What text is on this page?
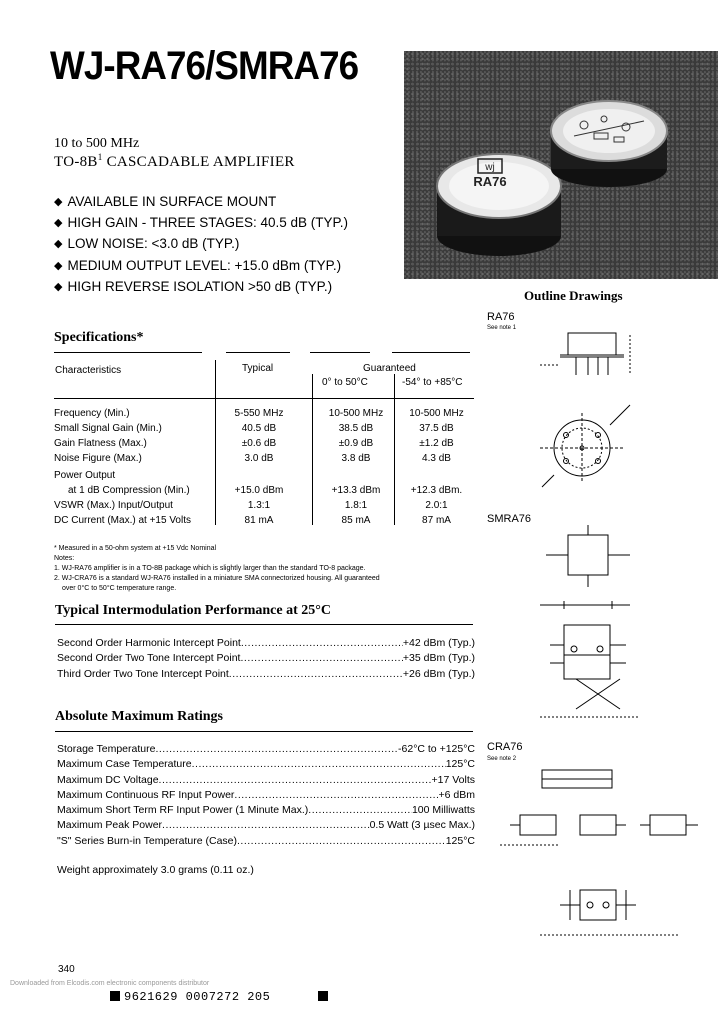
WJ-RA76/SMRA76
10 to 500 MHz
$TO-8B^1$ CASCADABLE AMPLIFIER
◆ AVAILABLE IN SURFACE MOUNT
◆ HIGH GAIN - THREE STAGES: 40.5 dB (TYP.)
◆ LOW NOISE: <3.0 dB (TYP.)
◆ MEDIUM OUTPUT LEVEL: +15.0 dBm (TYP.)
◆ HIGH REVERSE ISOLATION >50 dB (TYP.)
wj
RA76
Specifications*
Characteristics	Typical	Guaranteed
0° to 50°C	-54° to +85°C
Frequency (Min.)	5-550 MHz	10-500 MHz	10-500 MHz
Small Signal Gain (Min.)	40.5 dB	38.5 dB	37.5 dB
Gain Flatness (Max.)	±0.6 dB	±0.9 dB	±1.2 dB
Noise Figure (Max.)	3.0 dB	3.8 dB	4.3 dB
Power Output
at 1 dB Compression (Min.)	+15.0 dBm	+13.3 dBm	+12.3 dBm.
VSWR (Max.) Input/Output	1.3:1	1.8:1	2.0:1
DC Current (Max.) at +15 Volts	81 mA	85 mA	87 mA
* Measured in a 50-ohm system at +15 Vdc Nominal
Notes:
1. WJ-RA76 amplifier is in a TO-8B package which is slightly larger than the standard TO-8 package.
2. WJ-CRA76 is a standard WJ-RA76 installed in a miniature SMA connectorized housing. All guaranteed
over 0°C to 50°C temperature range.
Typical Intermodulation Performance at 25°C
Second Order Harmonic Intercept Point .....	+42 dBm (Typ.)
Second Order Two Tone Intercept Point .....	+35 dBm (Typ.)
Third Order Two Tone Intercept Point .....	+26 dBm (Typ.)
Absolute Maximum Ratings
Storage Temperature .....	-62°C to +125°C
Maximum Case Temperature .....	125°C
Maximum DC Voltage .....	+17 Volts
Maximum Continuous RF Input Power .....	+6 dBm
Maximum Short Term RF Input Power (1 Minute Max.) .....	100 Milliwatts
Maximum Peak Power .....	0.5 Watt (3 µsec Max.)
"S" Series Burn-in Temperature (Case) .....	125°C
Weight approximately 3.0 grams (0.11 oz.)
Outline Drawings
RA76
See note 1
SMRA76
CRA76
See note 2
340
Downloaded from Elcodis.com electronic components distributor
9621629 0007272 205
